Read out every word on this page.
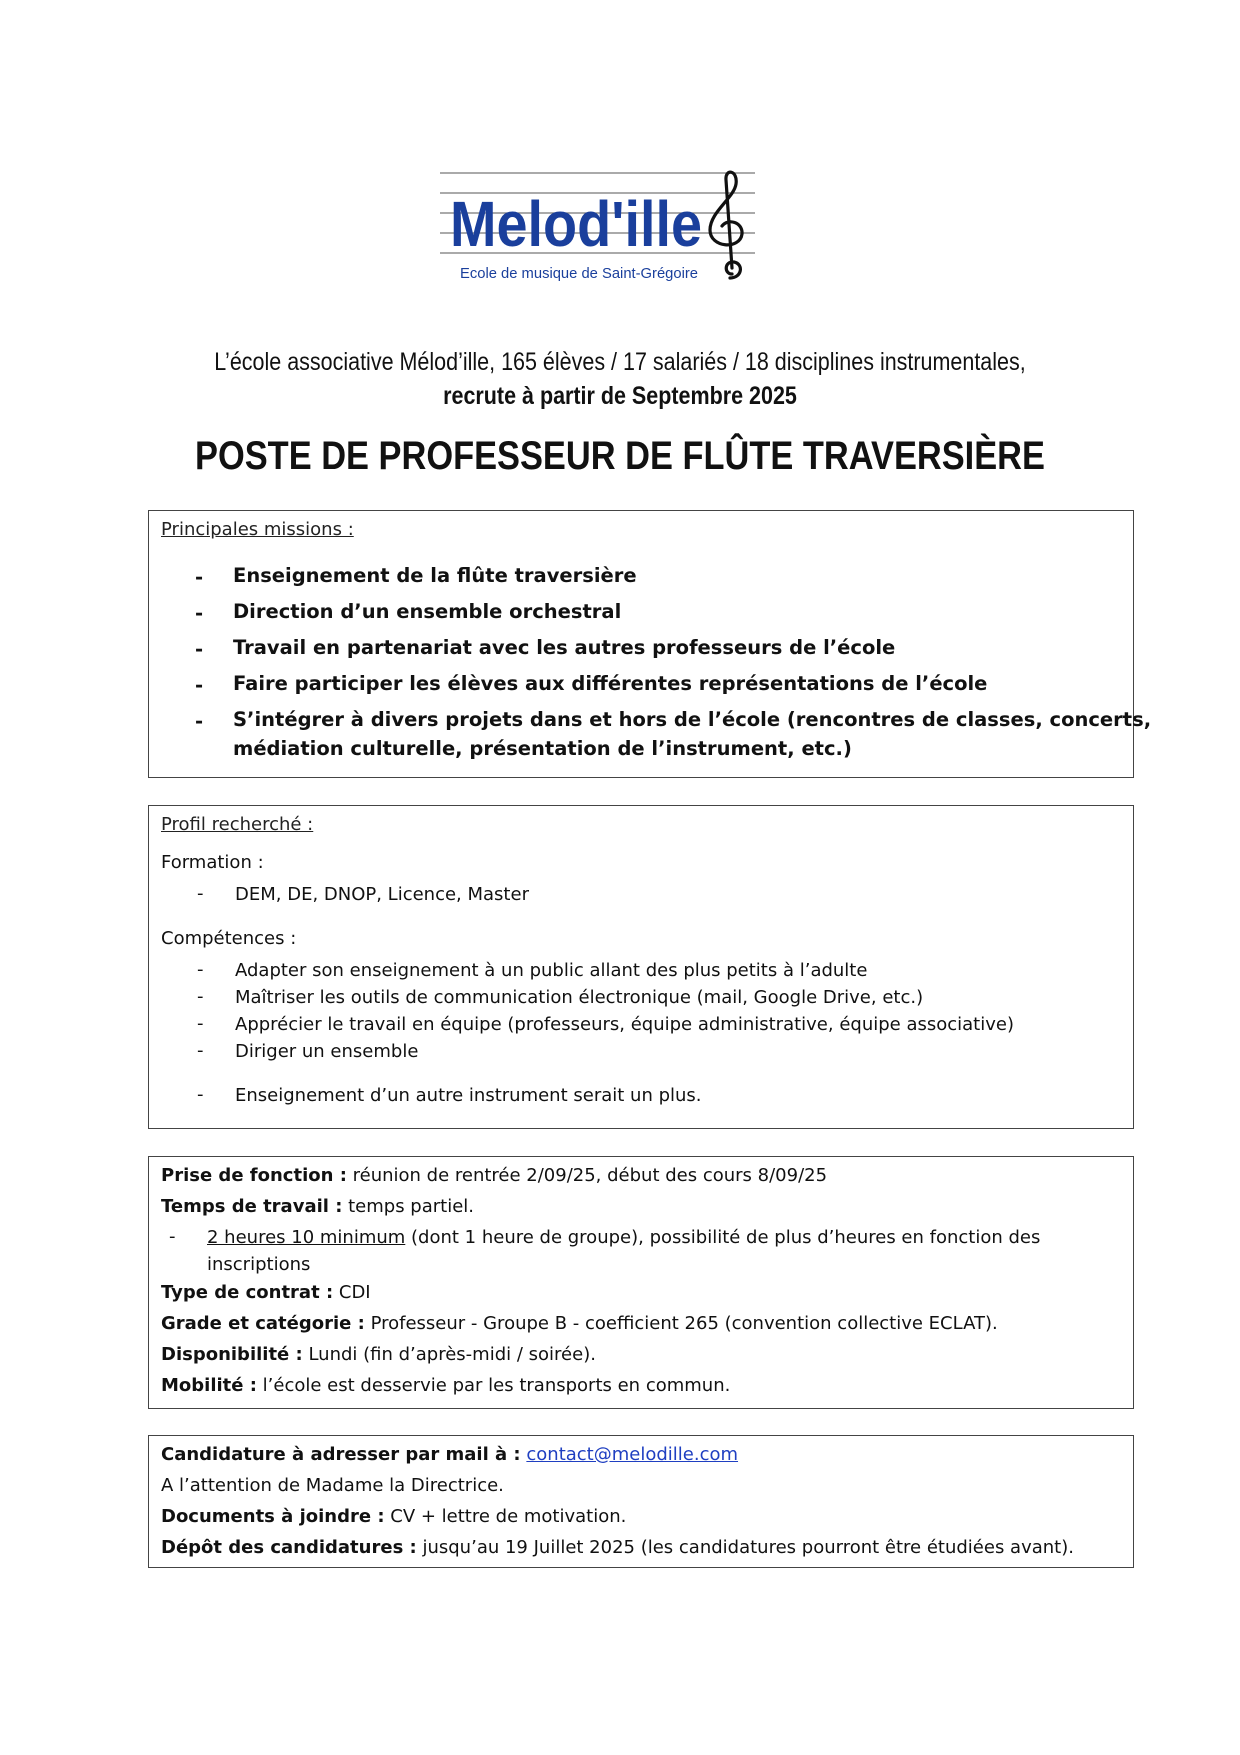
Melod'ille
Ecole de musique de Saint-Grégoire
L’école associative Mélod’ille, 165 élèves / 17 salariés / 18 disciplines instrumentales,
recrute à partir de Septembre 2025
POSTE DE PROFESSEUR DE FLÛTE TRAVERSIÈRE
Principales missions :
- Enseignement de la flûte traversière
- Direction d’un ensemble orchestral
- Travail en partenariat avec les autres professeurs de l’école
- Faire participer les élèves aux différentes représentations de l’école
- S’intégrer à divers projets dans et hors de l’école (rencontres de classes, concerts,
médiation culturelle, présentation de l’instrument, etc.)
Profil recherché :
Formation :
- DEM, DE, DNOP, Licence, Master
Compétences :
- Adapter son enseignement à un public allant des plus petits à l’adulte
- Maîtriser les outils de communication électronique (mail, Google Drive, etc.)
- Apprécier le travail en équipe (professeurs, équipe administrative, équipe associative)
- Diriger un ensemble
- Enseignement d’un autre instrument serait un plus.
Prise de fonction : réunion de rentrée 2/09/25, début des cours 8/09/25
Temps de travail : temps partiel.
- 2 heures 10 minimum (dont 1 heure de groupe), possibilité de plus d’heures en fonction des
inscriptions
Type de contrat : CDI
Grade et catégorie : Professeur - Groupe B - coefficient 265 (convention collective ECLAT).
Disponibilité : Lundi (fin d’après-midi / soirée).
Mobilité : l’école est desservie par les transports en commun.
Candidature à adresser par mail à : contact@melodille.com
A l’attention de Madame la Directrice.
Documents à joindre : CV + lettre de motivation.
Dépôt des candidatures : jusqu’au 19 Juillet 2025 (les candidatures pourront être étudiées avant).
